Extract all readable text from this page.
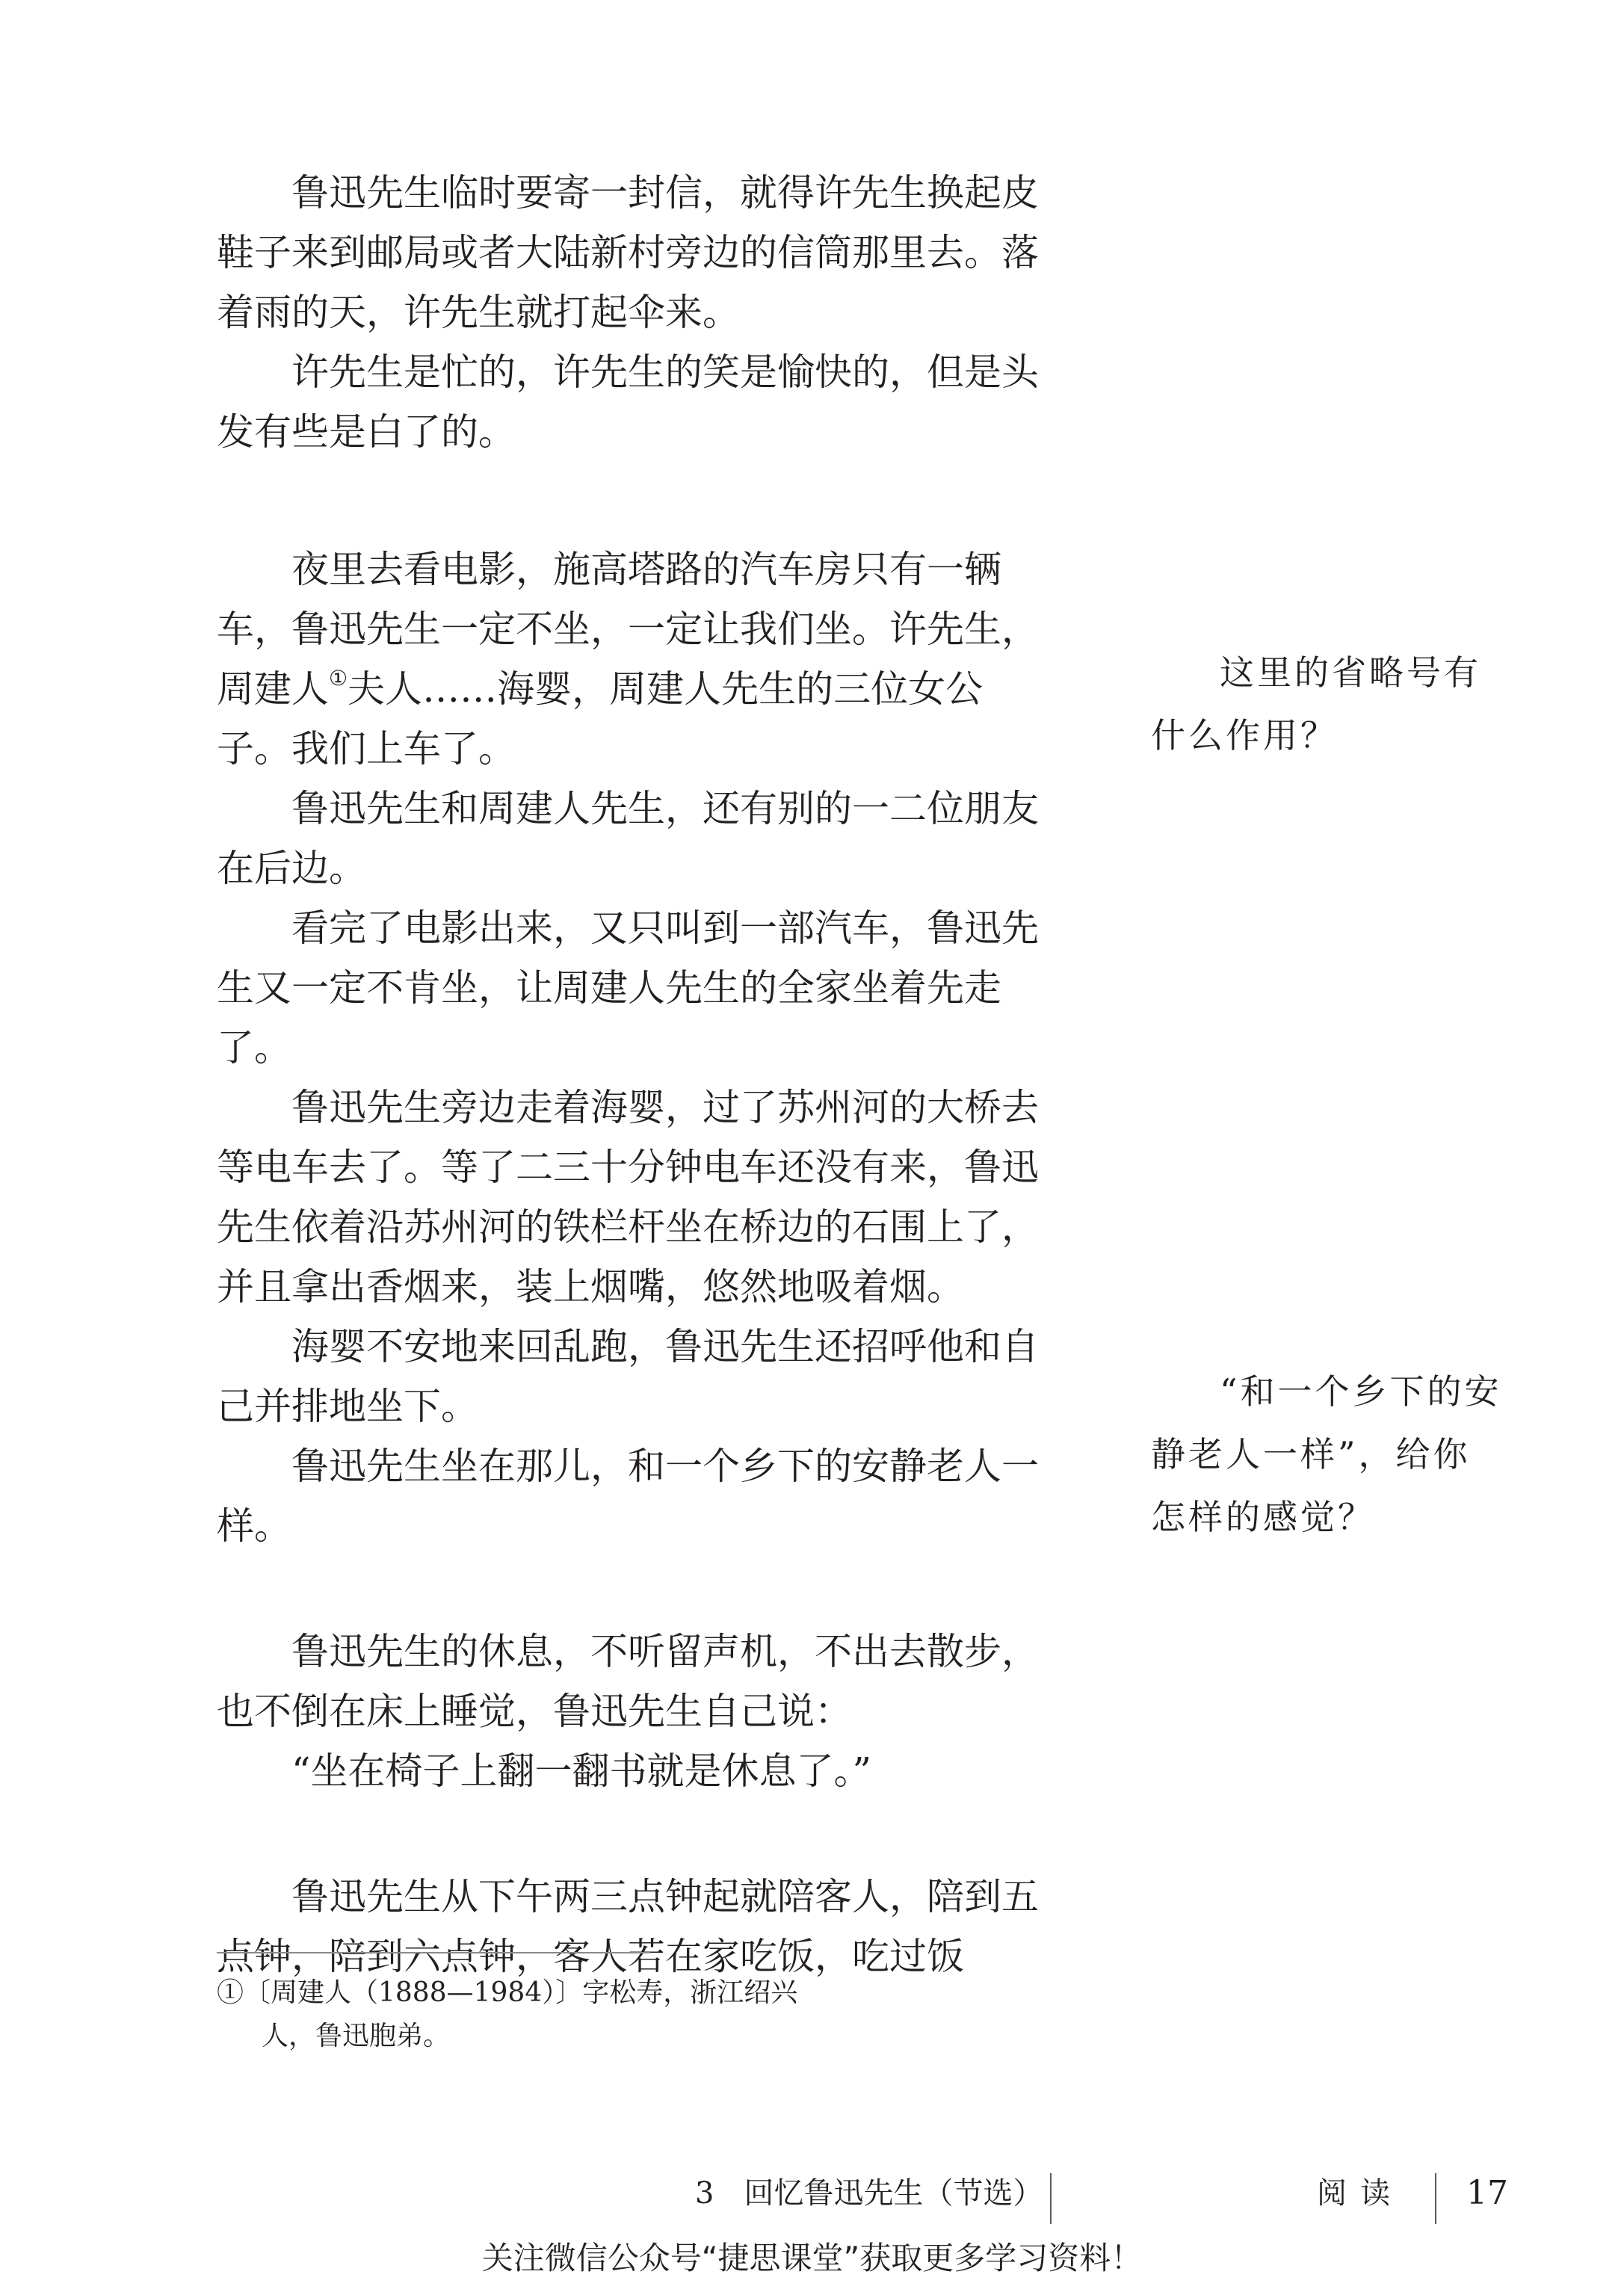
鲁迅先生临时要寄一封信，就得许先生换起皮鞋子来到邮局或者大陆新村旁边的信筒那里去。落着雨的天，许先生就打起伞来。

许先生是忙的，许先生的笑是愉快的，但是头发有些是白了的。

夜里去看电影，施高塔路的汽车房只有一辆车，鲁迅先生一定不坐，一定让我们坐。许先生，周建人①夫人……海婴，周建人先生的三位女公子。我们上车了。

鲁迅先生和周建人先生，还有别的一二位朋友在后边。

看完了电影出来，又只叫到一部汽车，鲁迅先生又一定不肯坐，让周建人先生的全家坐着先走了。

鲁迅先生旁边走着海婴，过了苏州河的大桥去等电车去了。等了二三十分钟电车还没有来，鲁迅先生依着沿苏州河的铁栏杆坐在桥边的石围上了，并且拿出香烟来，装上烟嘴，悠然地吸着烟。

海婴不安地来回乱跑，鲁迅先生还招呼他和自己并排地坐下。

鲁迅先生坐在那儿，和一个乡下的安静老人一样。

鲁迅先生的休息，不听留声机，不出去散步，也不倒在床上睡觉，鲁迅先生自己说：

“坐在椅子上翻一翻书就是休息了。”

鲁迅先生从下午两三点钟起就陪客人，陪到五点钟，陪到六点钟，客人若在家吃饭，吃过饭

这里的省略号有什么作用？
“和一个乡下的安静老人一样”，给你怎样的感觉？
①〔周建人（1888—1984）〕字松寿，浙江绍兴
人，鲁迅胞弟。
3　回忆鲁迅先生（节选）	阅读 17
关注微信公众号“捷思课堂”获取更多学习资料！
